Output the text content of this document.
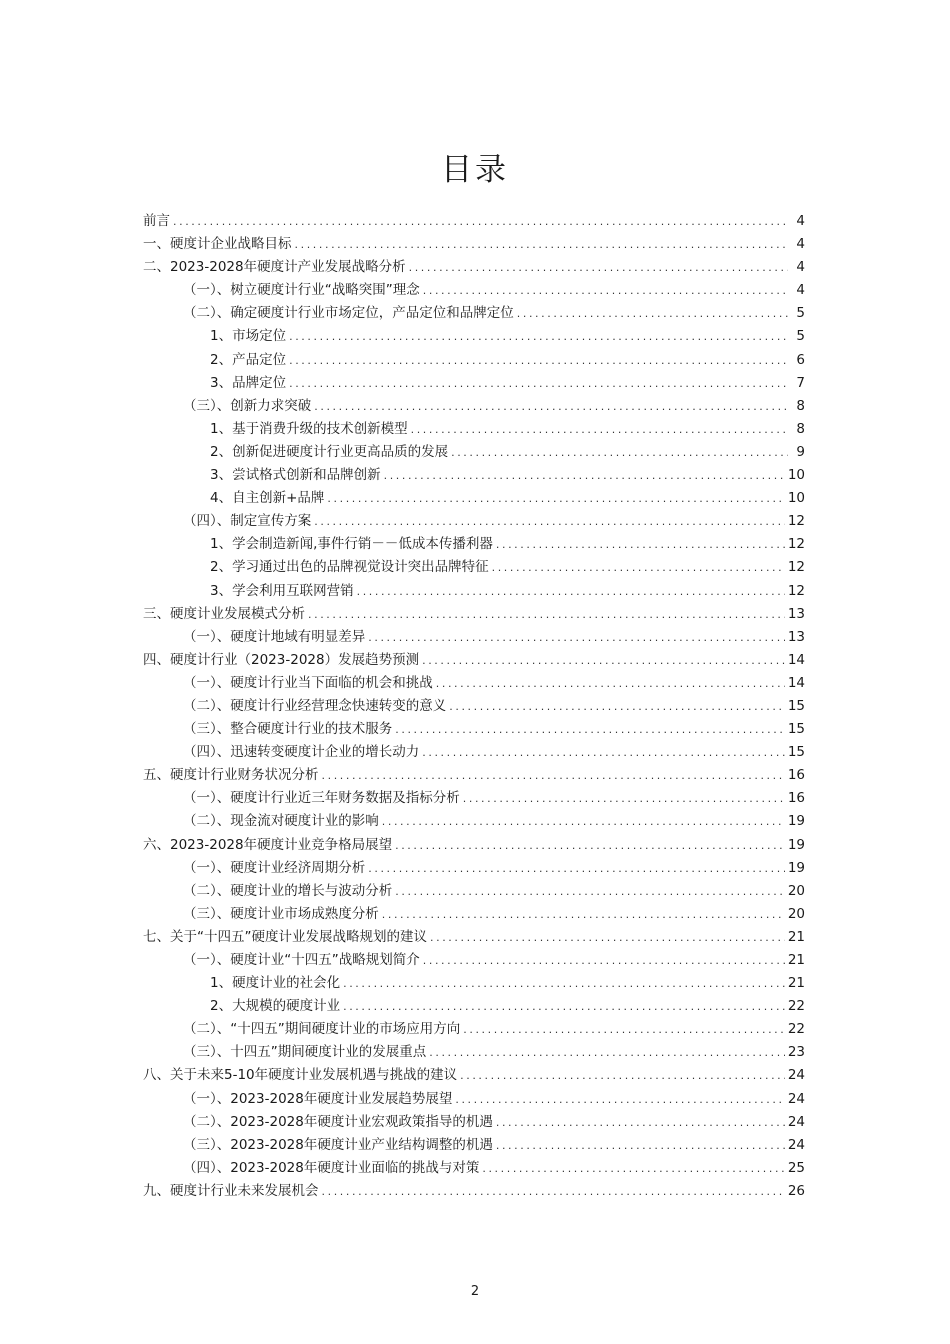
目录
前言 .....	4
一、硬度计企业战略目标 .....	4
二、2023-2028年硬度计产业发展战略分析 .....	4
（一）、树立硬度计行业“战略突围”理念 .....	4
（二）、确定硬度计行业市场定位，产品定位和品牌定位 .....	5
1、市场定位 .....	5
2、产品定位 .....	6
3、品牌定位 .....	7
（三）、创新力求突破 .....	8
1、基于消费升级的技术创新模型 .....	8
2、创新促进硬度计行业更高品质的发展 .....	9
3、尝试格式创新和品牌创新 .....	10
4、自主创新+品牌 .....	10
（四）、制定宣传方案 .....	12
1、学会制造新闻,事件行销－－低成本传播利器 .....	12
2、学习通过出色的品牌视觉设计突出品牌特征 .....	12
3、学会利用互联网营销 .....	12
三、硬度计业发展模式分析 .....	13
（一）、硬度计地域有明显差异 .....	13
四、硬度计行业（2023-2028）发展趋势预测 .....	14
（一）、硬度计行业当下面临的机会和挑战 .....	14
（二）、硬度计行业经营理念快速转变的意义 .....	15
（三）、整合硬度计行业的技术服务 .....	15
（四）、迅速转变硬度计企业的增长动力 .....	15
五、硬度计行业财务状况分析 .....	16
（一）、硬度计行业近三年财务数据及指标分析 .....	16
（二）、现金流对硬度计业的影响 .....	19
六、2023-2028年硬度计业竞争格局展望 .....	19
（一）、硬度计业经济周期分析 .....	19
（二）、硬度计业的增长与波动分析 .....	20
（三）、硬度计业市场成熟度分析 .....	20
七、关于“十四五”硬度计业发展战略规划的建议 .....	21
（一）、硬度计业“十四五”战略规划简介 .....	21
1、硬度计业的社会化 .....	21
2、大规模的硬度计业 .....	22
（二）、“十四五”期间硬度计业的市场应用方向 .....	22
（三）、十四五”期间硬度计业的发展重点 .....	23
八、关于未来5-10年硬度计业发展机遇与挑战的建议 .....	24
（一）、2023-2028年硬度计业发展趋势展望 .....	24
（二）、2023-2028年硬度计业宏观政策指导的机遇 .....	24
（三）、2023-2028年硬度计业产业结构调整的机遇 .....	24
（四）、2023-2028年硬度计业面临的挑战与对策 .....	25
九、硬度计行业未来发展机会 .....	26
2
